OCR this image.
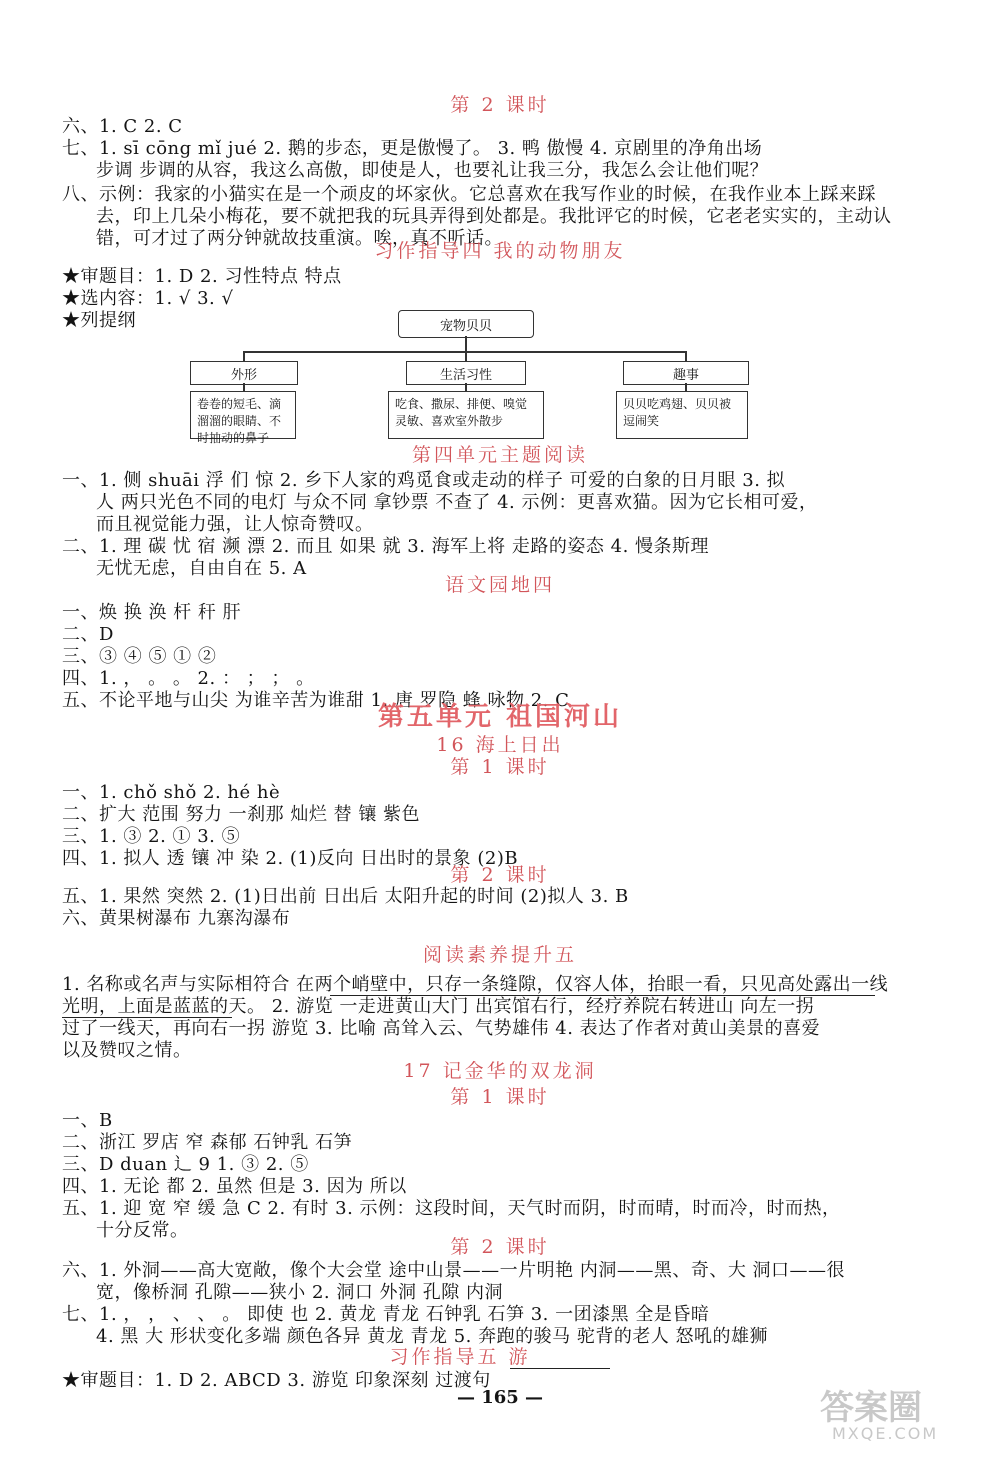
第 2 课时
六、1. C 2. C
七、1. sī cōng mǐ jué 2. 鹅的步态，更是傲慢了。 3. 鸭 傲慢 4. 京剧里的净角出场
步调 步调的从容，我这么高傲，即使是人，也要礼让我三分，我怎么会让他们呢？
八、示例：我家的小猫实在是一个顽皮的坏家伙。它总喜欢在我写作业的时候，在我作业本上踩来踩
去，印上几朵小梅花，要不就把我的玩具弄得到处都是。我批评它的时候，它老老实实的，主动认
错，可才过了两分钟就故技重演。唉，真不听话。
习作指导四 我的动物朋友
★审题目：1. D 2. 习性特点 特点
★选内容：1. √ 3. √
★列提纲	宠物贝贝
外形	生活习性	趣事
卷卷的短毛、滴溜溜的眼睛、不时抽动的鼻子
吃食、撒尿、排便、嗅觉灵敏、喜欢室外散步
贝贝吃鸡翅、贝贝被逗闹笑
第四单元主题阅读
一、1. 侧 shuāi 浮 们 惊 2. 乡下人家的鸡觅食或走动的样子 可爱的白象的日月眼 3. 拟
人 两只光色不同的电灯 与众不同 拿钞票 不查了 4. 示例：更喜欢猫。因为它长相可爱，
而且视觉能力强，让人惊奇赞叹。
二、1. 理 碳 忧 宿 濒 漂 2. 而且 如果 就 3. 海军上将 走路的姿态 4. 慢条斯理
无忧无虑，自由自在 5. A
语文园地四
一、焕 换 涣 杆 秆 肝
二、D
三、③ ④ ⑤ ① ②
四、1. ， 。 。 2. ： ； ； 。
五、不论平地与山尖 为谁辛苦为谁甜 1. 唐 罗隐 蜂 咏物 2. C
第五单元 祖国河山
16 海上日出
第 1 课时
一、1. chǒ shǒ 2. hé hè
二、扩大 范围 努力 一刹那 灿烂 替 镶 紫色
三、1. ③ 2. ① 3. ⑤
四、1. 拟人 透 镶 冲 染 2. (1)反向 日出时的景象 (2)B
第 2 课时
五、1. 果然 突然 2. (1)日出前 日出后 太阳升起的时间 (2)拟人 3. B
六、黄果树瀑布 九寨沟瀑布
阅读素养提升五
1. 名称或名声与实际相符合 在两个峭壁中，只存一条缝隙，仅容人体，抬眼一看，只见高处露出一线
光明，上面是蓝蓝的天。 2. 游览 一走进黄山大门 出宾馆右行，经疗养院右转进山 向左一拐
过了一线天，再向右一拐 游览 3. 比喻 高耸入云、气势雄伟 4. 表达了作者对黄山美景的喜爱
以及赞叹之情。
17 记金华的双龙洞
第 1 课时
一、B
二、浙江 罗店 窄 森郁 石钟乳 石笋
三、D duan 辶 9 1. ③ 2. ⑤
四、1. 无论 都 2. 虽然 但是 3. 因为 所以
五、1. 迎 宽 窄 缓 急 C 2. 有时 3. 示例：这段时间，天气时而阴，时而晴，时而冷，时而热，
十分反常。
第 2 课时
六、1. 外洞——高大宽敞，像个大会堂 途中山景——一片明艳 内洞——黑、奇、大 洞口——很
宽，像桥洞 孔隙——狭小 2. 洞口 外洞 孔隙 内洞
七、1. ， ， 、 、 。 即使 也 2. 黄龙 青龙 石钟乳 石笋 3. 一团漆黑 全是昏暗
4. 黑 大 形状变化多端 颜色各异 黄龙 青龙 5. 奔跑的骏马 驼背的老人 怒吼的雄狮
习作指导五 游
★审题目：1. D 2. ABCD 3. 游览 印象深刻 过渡句
— 165 —	答案圈
MXQE.COM
